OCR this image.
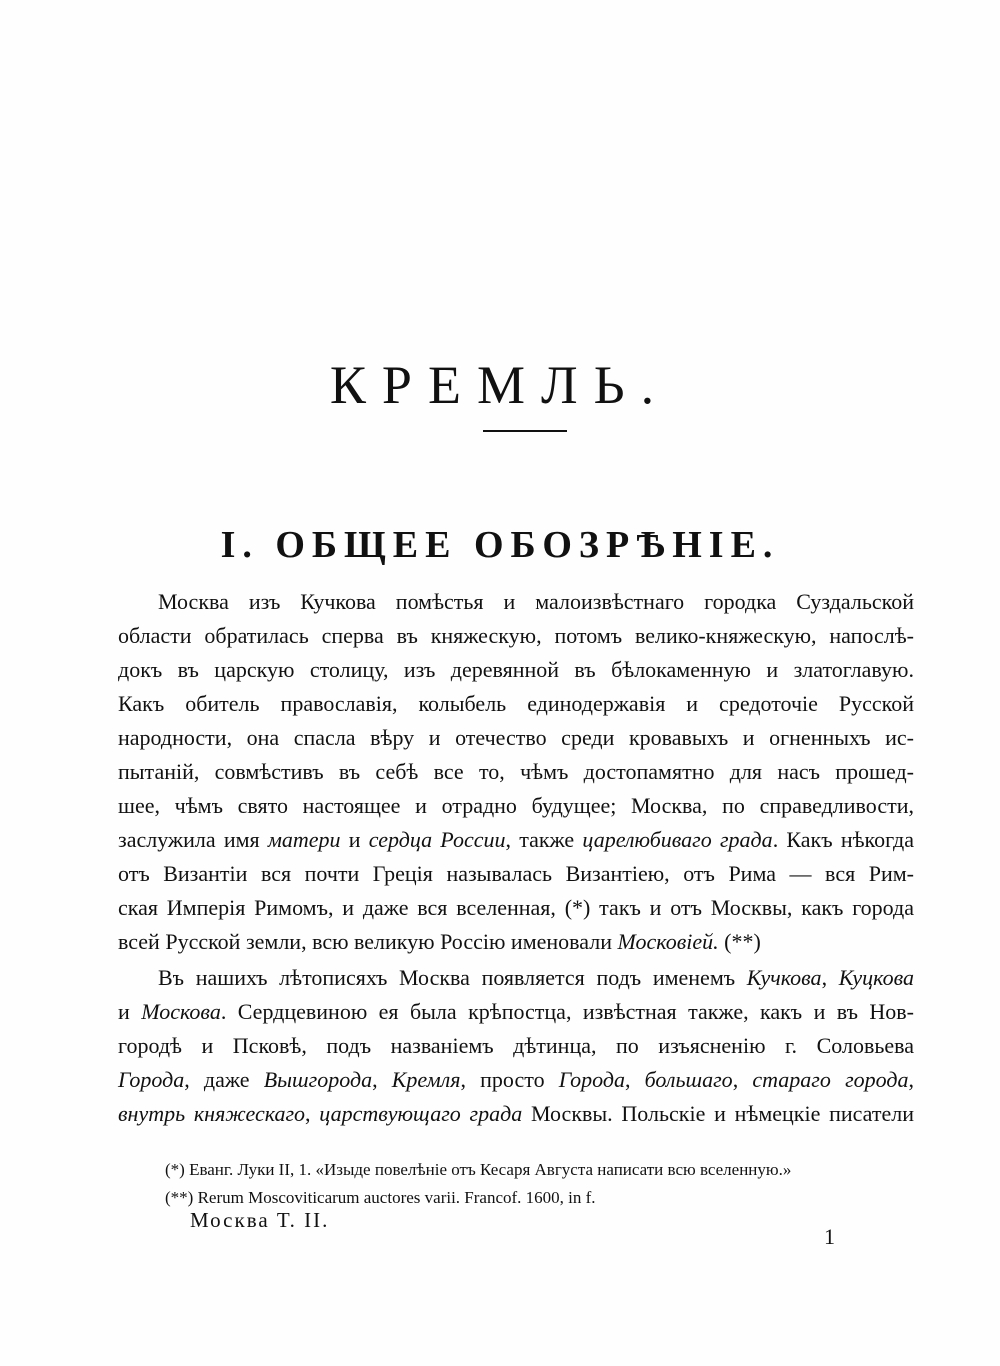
КРЕМЛЬ.
I. ОБЩЕЕ ОБОЗРѢНІЕ.
Москва изъ Кучкова помѣстья и малоизвѣстнаго городка Суздальской
области обратилась сперва въ княжескую, потомъ велико-княжескую, напослѣ-
докъ въ царскую столицу, изъ деревянной въ бѣлокаменную и златоглавую.
Какъ обитель православія, колыбель единодержавія и средоточіе Русской
народности, она спасла вѣру и отечество среди кровавыхъ и огненныхъ ис-
пытаній, совмѣстивъ въ себѣ все то, чѣмъ достопамятно для насъ прошед-
шее, чѣмъ свято настоящее и отрадно будущее; Москва, по справедливости,
заслужила имя матери и сердца России, также царелюбиваго града. Какъ нѣкогда
отъ Византіи вся почти Греція называлась Византіею, отъ Рима — вся Рим-
ская Имперія Римомъ, и даже вся вселенная, (*) такъ и отъ Москвы, какъ города
всей Русской земли, всю великую Россію именовали Московіей. (**)
Въ нашихъ лѣтописяхъ Москва появляется подъ именемъ Кучкова, Куцкова
и Москова. Сердцевиною ея была крѣпостца, извѣстная также, какъ и въ Нов-
городѣ и Псковѣ, подъ названіемъ дѣтинца, по изъясненію г. Соловьева
Города, даже Вышгорода, Кремля, просто Города, большаго, стараго города,
внутрь княжескаго, царствующаго града Москвы. Польскіе и нѣмецкіе писатели
(*) Еванг. Луки II, 1. «Изыде повелѣніе отъ Кесаря Августа написати всю вселенную.»
(**) Rerum Moscoviticarum auctores varii. Francof. 1600, in f.
Москва Т. II.
1
